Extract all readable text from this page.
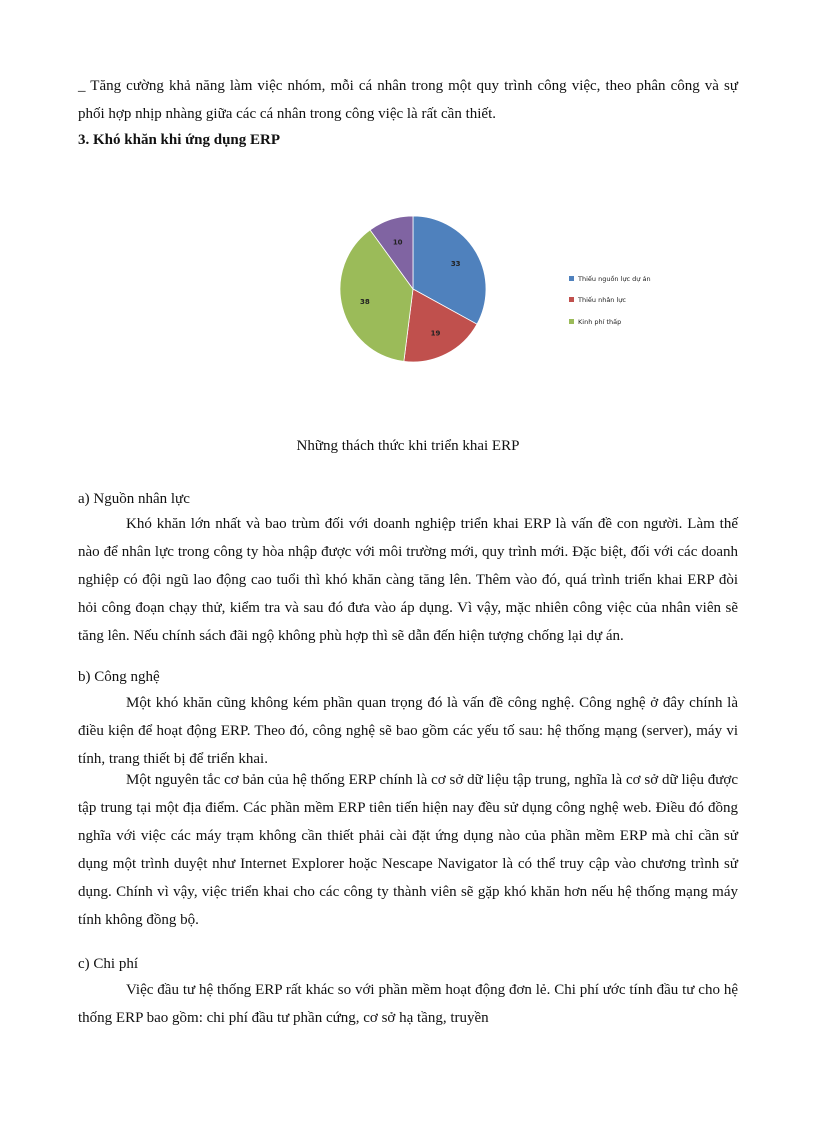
_ Tăng cường khả năng làm việc nhóm, mỗi cá nhân trong một quy trình công việc, theo phân công và sự phối hợp nhịp nhàng giữa các cá nhân trong công việc là rất cần thiết.

3. Khó khăn khi ứng dụng ERP

33
19
38
10
Thiếu nguồn lực dự án
Thiếu nhân lực
Kinh phí thấp

Những thách thức khi triển khai ERP

a) Nguồn nhân lực

Khó khăn lớn nhất và bao trùm đối với doanh nghiệp triển khai ERP là vấn đề con người. Làm thế nào để nhân lực trong công ty hòa nhập được với môi trường mới, quy trình mới. Đặc biệt, đối với các doanh nghiệp có đội ngũ lao động cao tuổi thì khó khăn càng tăng lên. Thêm vào đó, quá trình triển khai ERP đòi hỏi công đoạn chạy thử, kiểm tra và sau đó đưa vào áp dụng. Vì vậy, mặc nhiên công việc của nhân viên sẽ tăng lên. Nếu chính sách đãi ngộ không phù hợp thì sẽ dẫn đến hiện tượng chống lại dự án.

b) Công nghệ

Một khó khăn cũng không kém phần quan trọng đó là vấn đề công nghệ. Công nghệ ở đây chính là điều kiện để hoạt động ERP. Theo đó, công nghệ sẽ bao gồm các yếu tố sau: hệ thống mạng (server), máy vi tính, trang thiết bị để triển khai.

Một nguyên tắc cơ bản của hệ thống ERP chính là cơ sở dữ liệu tập trung, nghĩa là cơ sở dữ liệu được tập trung tại một địa điểm. Các phần mềm ERP tiên tiến hiện nay đều sử dụng công nghệ web. Điều đó đồng nghĩa với việc các máy trạm không cần thiết phải cài đặt ứng dụng nào của phần mềm ERP mà chỉ cần sử dụng một trình duyệt như Internet Explorer hoặc Nescape Navigator là có thể truy cập vào chương trình sử dụng. Chính vì vậy, việc triển khai cho các công ty thành viên sẽ gặp khó khăn hơn nếu hệ thống mạng máy tính không đồng bộ.

c) Chi phí

Việc đầu tư hệ thống ERP rất khác so với phần mềm hoạt động đơn lẻ. Chi phí ước tính đầu tư cho hệ thống ERP bao gồm: chi phí đầu tư phần cứng, cơ sở hạ tầng, truyền
